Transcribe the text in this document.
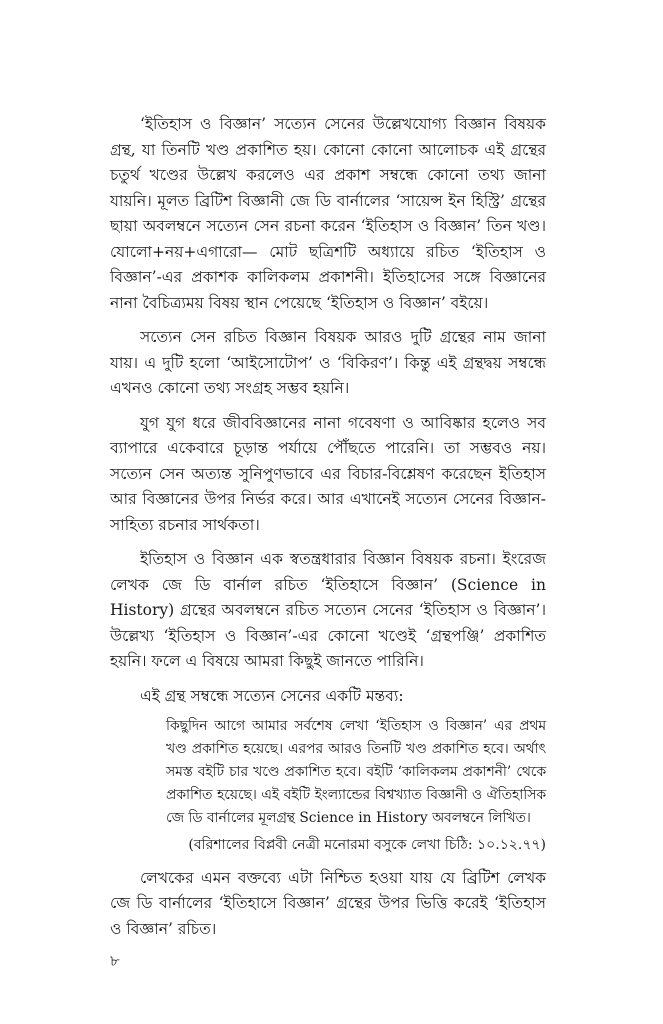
‘ইতিহাস ও বিজ্ঞান’ সত্যেন সেনের উল্লেখযোগ্য বিজ্ঞান বিষয়ক গ্রন্থ, যা তিনটি খণ্ড প্রকাশিত হয়। কোনো কোনো আলোচক এই গ্রন্থের চতুর্থ খণ্ডের উল্লেখ করলেও এর প্রকাশ সম্বন্ধে কোনো তথ্য জানা যায়নি। মূলত ব্রিটিশ বিজ্ঞানী জে ডি বার্নালের ‘সায়েন্স ইন হিস্ট্রি’ গ্রন্থের ছায়া অবলম্বনে সত্যেন সেন রচনা করেন ‘ইতিহাস ও বিজ্ঞান’ তিন খণ্ড। যোলো+নয়+এগারো— মোট ছত্রিশটি অধ্যায়ে রচিত ‘ইতিহাস ও বিজ্ঞান’-এর প্রকাশক কালিকলম প্রকাশনী। ইতিহাসের সঙ্গে বিজ্ঞানের নানা বৈচিত্র্যময় বিষয় স্থান পেয়েছে ‘ইতিহাস ও বিজ্ঞান’ বইয়ে।

সত্যেন সেন রচিত বিজ্ঞান বিষয়ক আরও দুটি গ্রন্থের নাম জানা যায়। এ দুটি হলো ‘আইসোটোপ’ ও ‘বিকিরণ’। কিন্তু এই গ্রন্থদ্বয় সম্বন্ধে এখনও কোনো তথ্য সংগ্রহ সম্ভব হয়নি।

যুগ যুগ ধরে জীববিজ্ঞানের নানা গবেষণা ও আবিষ্কার হলেও সব ব্যাপারে একেবারে চূড়ান্ত পর্যায়ে পৌঁছতে পারেনি। তা সম্ভবও নয়। সত্যেন সেন অত্যন্ত সুনিপুণভাবে এর বিচার-বিশ্লেষণ করেছেন ইতিহাস আর বিজ্ঞানের উপর নির্ভর করে। আর এখানেই সত্যেন সেনের বিজ্ঞান-সাহিত্য রচনার সার্থকতা।

ইতিহাস ও বিজ্ঞান এক স্বতন্ত্রধারার বিজ্ঞান বিষয়ক রচনা। ইংরেজ লেখক জে ডি বার্নাল রচিত ‘ইতিহাসে বিজ্ঞান’ (Science in History) গ্রন্থের অবলম্বনে রচিত সত্যেন সেনের ‘ইতিহাস ও বিজ্ঞান’। উল্লেখ্য ‘ইতিহাস ও বিজ্ঞান’-এর কোনো খণ্ডেই ‘গ্রন্থপঞ্জি’ প্রকাশিত হয়নি। ফলে এ বিষয়ে আমরা কিছুই জানতে পারিনি।

এই গ্রন্থ সম্বন্ধে সত্যেন সেনের একটি মন্তব্য:

কিছুদিন আগে আমার সর্বশেষ লেখা ‘ইতিহাস ও বিজ্ঞান’ এর প্রথম খণ্ড প্রকাশিত হয়েছে। এরপর আরও তিনটি খণ্ড প্রকাশিত হবে। অর্থাৎ সমস্ত বইটি চার খণ্ডে প্রকাশিত হবে। বইটি ‘কালিকলম প্রকাশনী’ থেকে প্রকাশিত হয়েছে। এই বইটি ইংল্যান্ডের বিশ্বখ্যাত বিজ্ঞানী ও ঐতিহাসিক জে ডি বার্নালের মূলগ্রন্থ Science in History অবলম্বনে লিখিত।

(বরিশালের বিপ্লবী নেত্রী মনোরমা বসুকে লেখা চিঠি: ১০.১২.৭৭)

লেখকের এমন বক্তব্যে এটা নিশ্চিত হওয়া যায় যে ব্রিটিশ লেখক জে ডি বার্নালের ‘ইতিহাসে বিজ্ঞান’ গ্রন্থের উপর ভিত্তি করেই ‘ইতিহাস ও বিজ্ঞান’ রচিত।

৮
